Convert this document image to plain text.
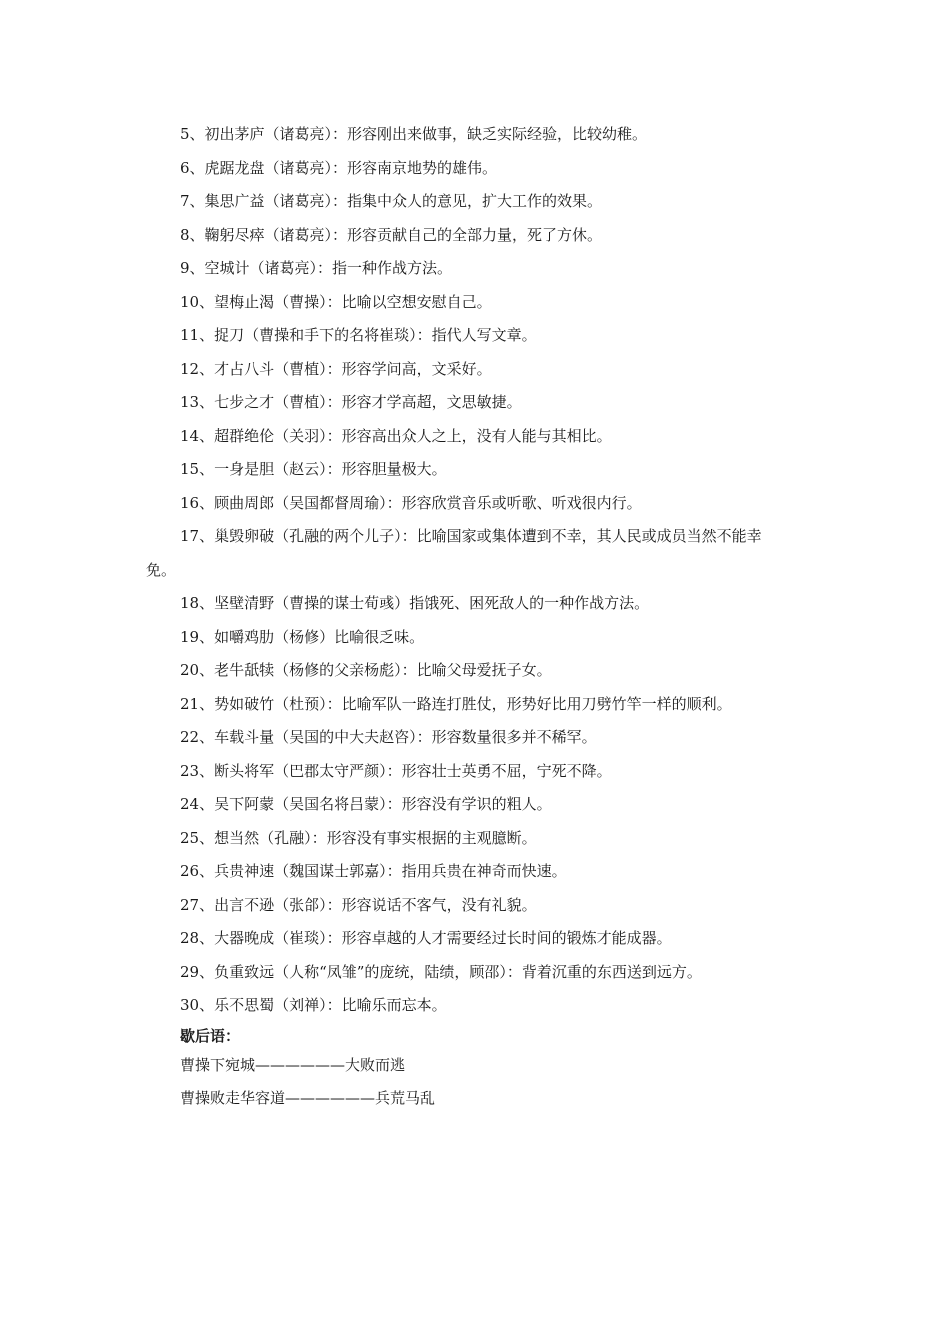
5、初出茅庐（诸葛亮）：形容刚出来做事，缺乏实际经验，比较幼稚。

6、虎踞龙盘（诸葛亮）：形容南京地势的雄伟。

7、集思广益（诸葛亮）：指集中众人的意见，扩大工作的效果。

8、鞠躬尽瘁（诸葛亮）：形容贡献自己的全部力量，死了方休。

9、空城计（诸葛亮）：指一种作战方法。

10、望梅止渴（曹操）：比喻以空想安慰自己。

11、捉刀（曹操和手下的名将崔琰）：指代人写文章。

12、才占八斗（曹植）：形容学问高，文采好。

13、七步之才（曹植）：形容才学高超，文思敏捷。

14、超群绝伦（关羽）：形容高出众人之上，没有人能与其相比。

15、一身是胆（赵云）：形容胆量极大。

16、顾曲周郎（吴国都督周瑜）：形容欣赏音乐或听歌、听戏很内行。

17、巢毁卵破（孔融的两个儿子）：比喻国家或集体遭到不幸，其人民或成员当然不能幸免。

18、坚壁清野（曹操的谋士荀彧）指饿死、困死敌人的一种作战方法。

19、如嚼鸡肋（杨修）比喻很乏味。

20、老牛舐犊（杨修的父亲杨彪）：比喻父母爱抚子女。

21、势如破竹（杜预）：比喻军队一路连打胜仗，形势好比用刀劈竹竿一样的顺利。

22、车载斗量（吴国的中大夫赵咨）：形容数量很多并不稀罕。

23、断头将军（巴郡太守严颜）：形容壮士英勇不屈，宁死不降。

24、吴下阿蒙（吴国名将吕蒙）：形容没有学识的粗人。

25、想当然（孔融）：形容没有事实根据的主观臆断。

26、兵贵神速（魏国谋士郭嘉）：指用兵贵在神奇而快速。

27、出言不逊（张郃）：形容说话不客气，没有礼貌。

28、大器晚成（崔琰）：形容卓越的人才需要经过长时间的锻炼才能成器。

29、负重致远（人称“凤雏”的庞统，陆绩，顾邵）：背着沉重的东西送到远方。

30、乐不思蜀（刘禅）：比喻乐而忘本。

歇后语：

曹操下宛城——————大败而逃

曹操败走华容道——————兵荒马乱
